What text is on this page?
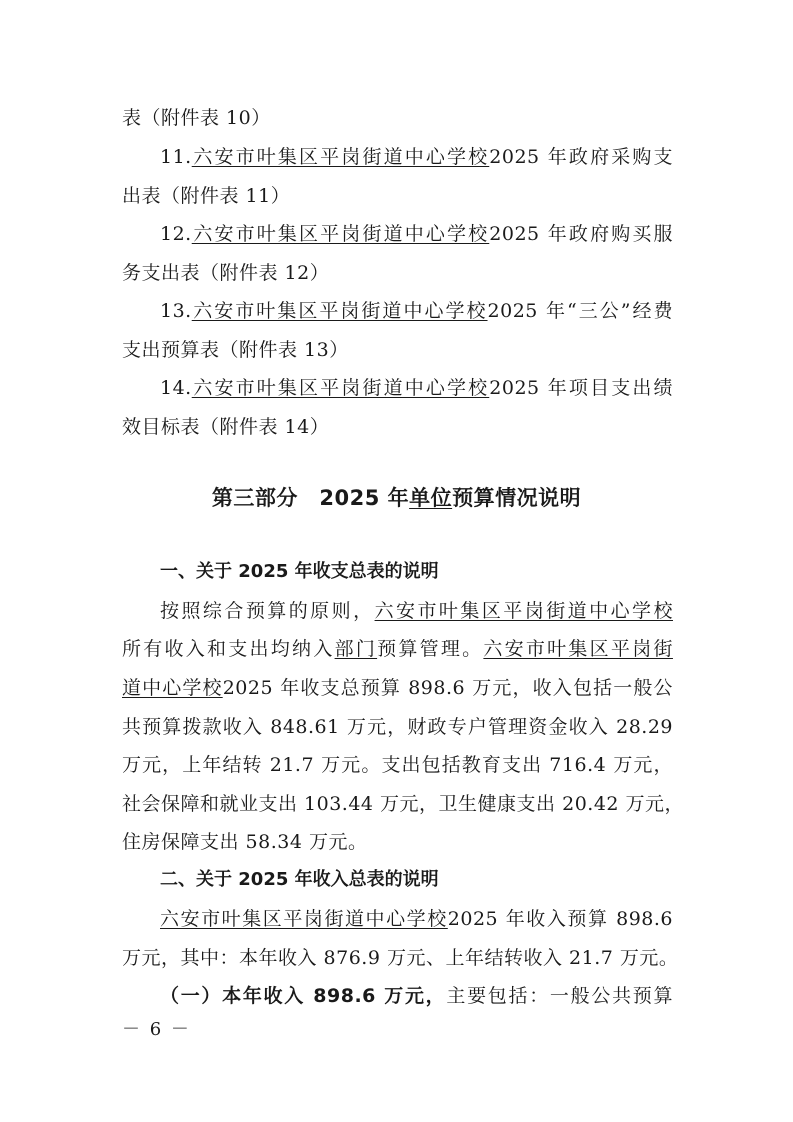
表（附件表 10）
11.六安市叶集区平岗街道中心学校2025 年政府采购支
出表（附件表 11）
12.六安市叶集区平岗街道中心学校2025 年政府购买服
务支出表（附件表 12）
13.六安市叶集区平岗街道中心学校2025 年“三公”经费
支出预算表（附件表 13）
14.六安市叶集区平岗街道中心学校2025 年项目支出绩
效目标表（附件表 14）
第三部分　2025 年单位预算情况说明
一、关于 2025 年收支总表的说明
按照综合预算的原则，六安市叶集区平岗街道中心学校
所有收入和支出均纳入部门预算管理。六安市叶集区平岗街
道中心学校2025 年收支总预算 898.6 万元，收入包括一般公
共预算拨款收入 848.61 万元，财政专户管理资金收入 28.29
万元，上年结转 21.7 万元。支出包括教育支出 716.4 万元，
社会保障和就业支出 103.44 万元，卫生健康支出 20.42 万元，
住房保障支出 58.34 万元。
二、关于 2025 年收入总表的说明
六安市叶集区平岗街道中心学校2025 年收入预算 898.6
万元，其中：本年收入 876.9 万元、上年结转收入 21.7 万元。
（一）本年收入 898.6 万元，主要包括：一般公共预算
－ 6 －
